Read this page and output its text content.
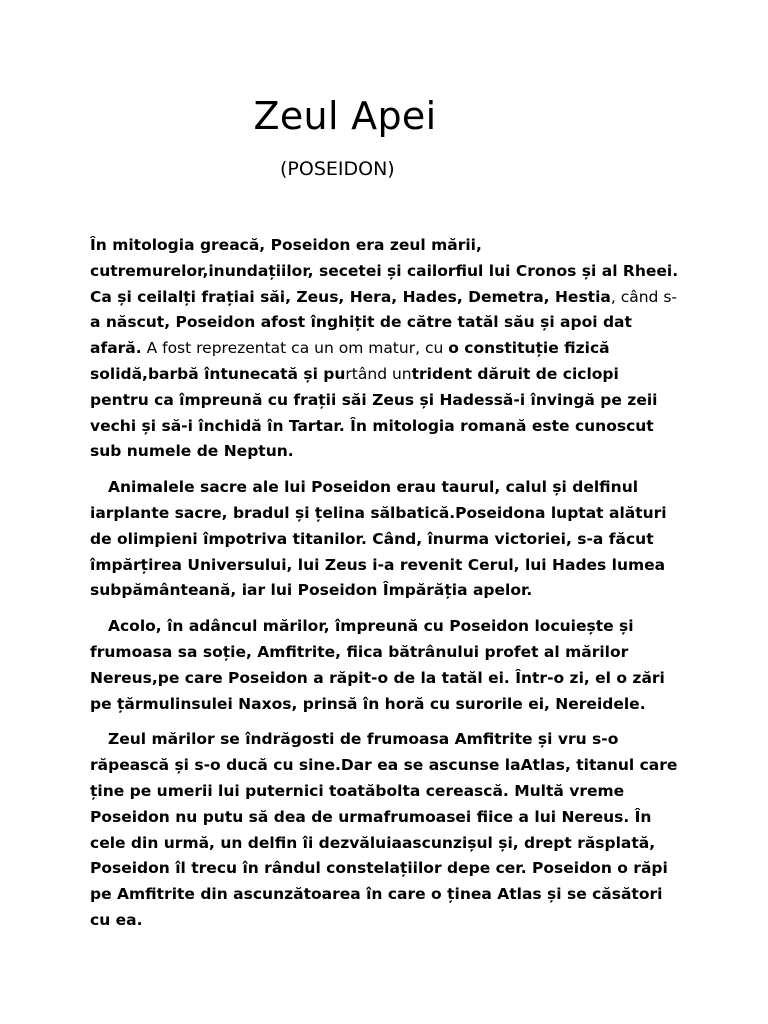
Zeul Apei
(POSEIDON)

În mitologia greacă, Poseidon era zeul mării, cutremurelor,inundațiilor, secetei și cailorfiul lui Cronos și al Rheei. Ca și ceilalți frațiai săi, Zeus, Hera, Hades, Demetra, Hestia, când s-a născut, Poseidon afost înghițit de către tatăl său și apoi dat afară. A fost reprezentat ca un om matur, cu o constituție fizică solidă,barbă întunecată și purtând untrident dăruit de ciclopi pentru ca împreună cu frații săi Zeus și Hadessă-i învingă pe zeii vechi și să-i închidă în Tartar. În mitologia romană este cunoscut sub numele de Neptun.

Animalele sacre ale lui Poseidon erau taurul, calul și delfinul iarplante sacre, bradul și țelina sălbatică.Poseidona luptat alături de olimpieni împotriva titanilor. Când, înurma victoriei, s-a făcut împărțirea Universului, lui Zeus i-a revenit Cerul, lui Hades lumea subpământeană, iar lui Poseidon Împărăția apelor.

Acolo, în adâncul mărilor, împreună cu Poseidon locuiește și frumoasa sa soție, Amfitrite, fiica bătrânului profet al mărilor Nereus,pe care Poseidon a răpit-o de la tatăl ei. Într-o zi, el o zări pe țărmulinsulei Naxos, prinsă în horă cu surorile ei, Nereidele.

Zeul mărilor se îndrăgosti de frumoasa Amfitrite și vru s-o răpească și s-o ducă cu sine.Dar ea se ascunse laAtlas, titanul care ține pe umerii lui puternici toatăbolta cerească. Multă vreme Poseidon nu putu să dea de urmafrumoasei fiice a lui Nereus. În cele din urmă, un delfin îi dezvăluiaascunzișul și, drept răsplată, Poseidon îl trecu în rândul constelațiilor depe cer. Poseidon o răpi pe Amfitrite din ascunzătoarea în care o ținea Atlas și se căsători cu ea.
